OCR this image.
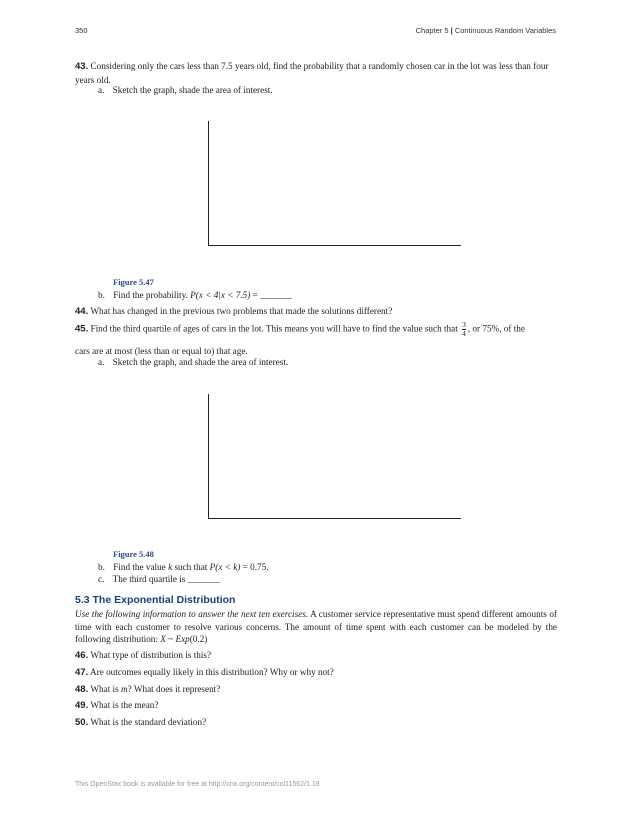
350	Chapter 5 | Continuous Random Variables
43. Considering only the cars less than 7.5 years old, find the probability that a randomly chosen car in the lot was less than four years old.
a. Sketch the graph, shade the area of interest.
Figure 5.47
b. Find the probability. P(x < 4|x < 7.5) = _______
44. What has changed in the previous two problems that made the solutions different?
45. Find the third quartile of ages of cars in the lot. This means you will have to find the value such that $\frac{3}{4}$ , or 75%, of the
cars are at most (less than or equal to) that age.
a. Sketch the graph, and shade the area of interest.
Figure 5.48
b. Find the value k such that P(x < k) = 0.75.
c. The third quartile is _______
5.3 The Exponential Distribution
Use the following information to answer the next ten exercises. A customer service representative must spend different amounts of time with each customer to resolve various concerns. The amount of time spent with each customer can be modeled by the following distribution: X ~ Exp(0.2)
46. What type of distribution is this?
47. Are outcomes equally likely in this distribution? Why or why not?
48. What is m? What does it represent?
49. What is the mean?
50. What is the standard deviation?
This OpenStax book is available for free at http://cnx.org/content/col11562/1.18
